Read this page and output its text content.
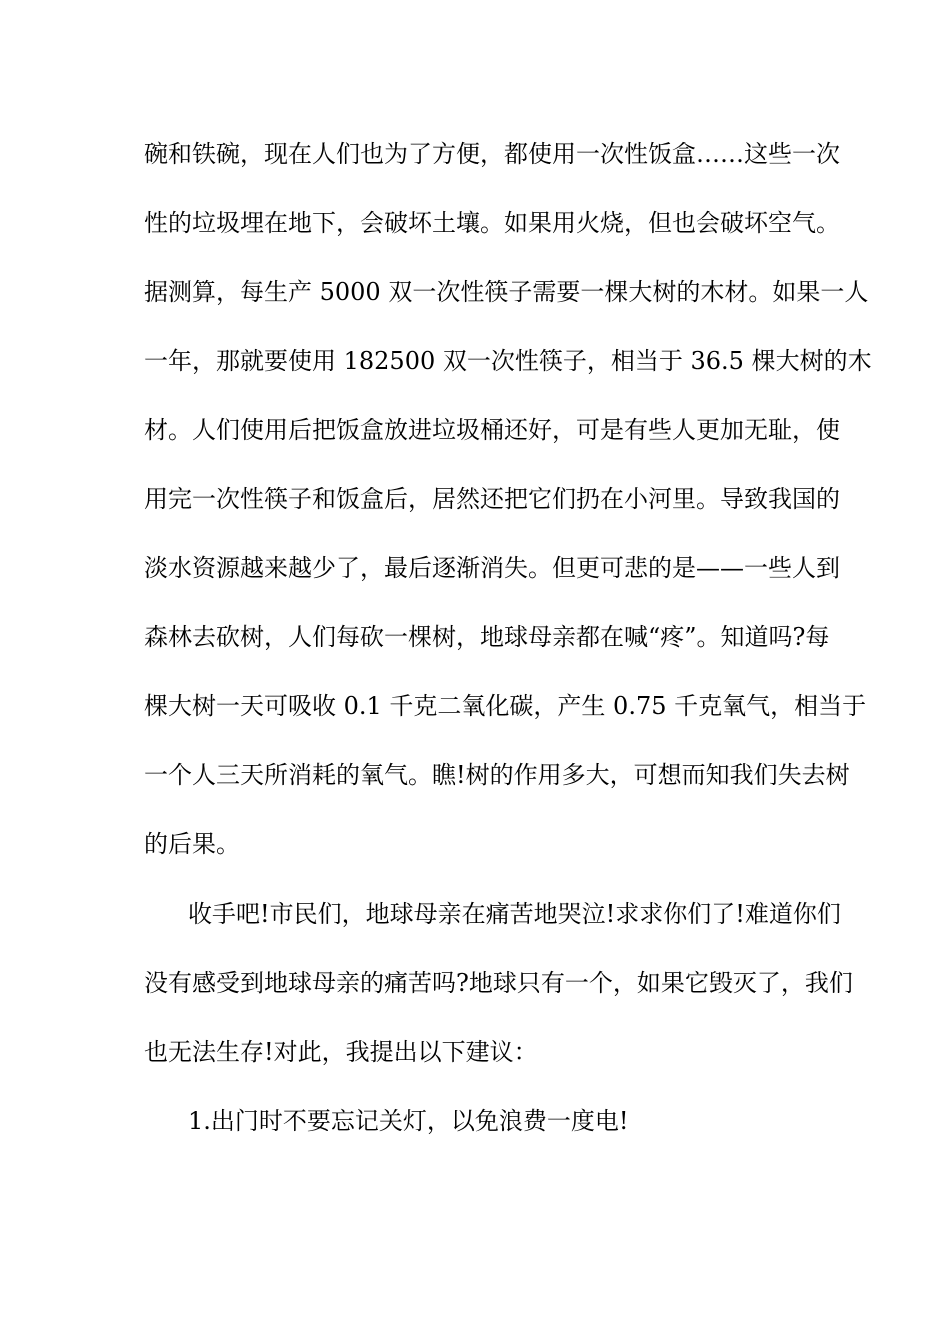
碗和铁碗，现在人们也为了方便，都使用一次性饭盒……这些一次
性的垃圾埋在地下，会破坏土壤。如果用火烧，但也会破坏空气。
据测算，每生产 5000 双一次性筷子需要一棵大树的木材。如果一人
一年，那就要使用 182500 双一次性筷子，相当于 36.5 棵大树的木
材。人们使用后把饭盒放进垃圾桶还好，可是有些人更加无耻，使
用完一次性筷子和饭盒后，居然还把它们扔在小河里。导致我国的
淡水资源越来越少了，最后逐渐消失。但更可悲的是——一些人到
森林去砍树，人们每砍一棵树，地球母亲都在喊“疼”。知道吗?每
棵大树一天可吸收 0.1 千克二氧化碳，产生 0.75 千克氧气，相当于
一个人三天所消耗的氧气。瞧!树的作用多大，可想而知我们失去树
的后果。
收手吧!市民们，地球母亲在痛苦地哭泣!求求你们了!难道你们
没有感受到地球母亲的痛苦吗?地球只有一个，如果它毁灭了，我们
也无法生存!对此，我提出以下建议：
1.出门时不要忘记关灯，以免浪费一度电!
